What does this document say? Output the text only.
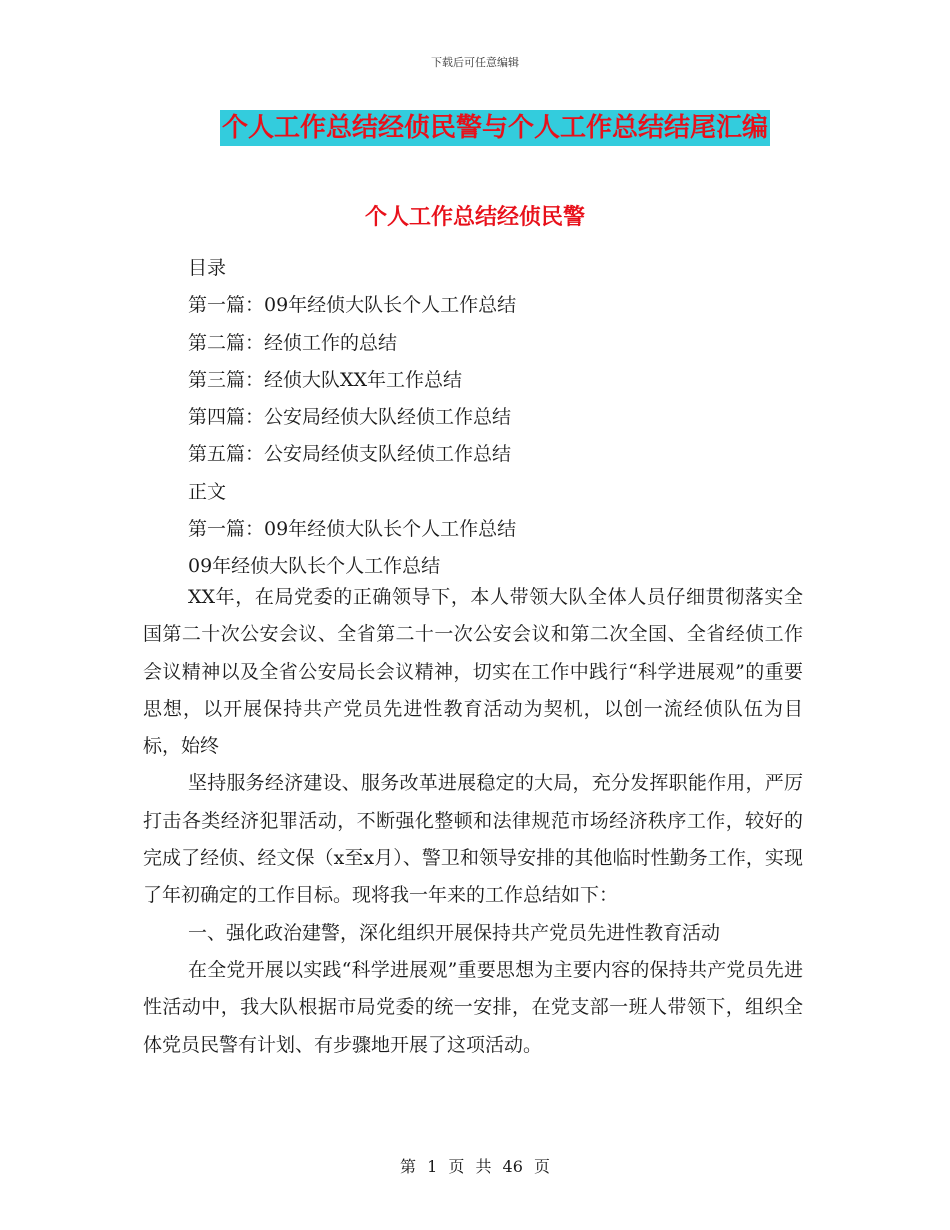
下载后可任意编辑
个人工作总结经侦民警与个人工作总结结尾汇编
个人工作总结经侦民警
目录
第一篇：09年经侦大队长个人工作总结
第二篇：经侦工作的总结
第三篇：经侦大队XX年工作总结
第四篇：公安局经侦大队经侦工作总结
第五篇：公安局经侦支队经侦工作总结
正文
第一篇：09年经侦大队长个人工作总结
09年经侦大队长个人工作总结

XX年，在局党委的正确领导下，本人带领大队全体人员仔细贯彻落实全国第二十次公安会议、全省第二十一次公安会议和第二次全国、全省经侦工作会议精神以及全省公安局长会议精神，切实在工作中践行“科学进展观”的重要思想，以开展保持共产党员先进性教育活动为契机，以创一流经侦队伍为目标，始终

坚持服务经济建设、服务改革进展稳定的大局，充分发挥职能作用，严厉打击各类经济犯罪活动，不断强化整顿和法律规范市场经济秩序工作，较好的完成了经侦、经文保（x至x月）、警卫和领导安排的其他临时性勤务工作，实现了年初确定的工作目标。现将我一年来的工作总结如下：

一、强化政治建警，深化组织开展保持共产党员先进性教育活动

在全党开展以实践“科学进展观”重要思想为主要内容的保持共产党员先进性活动中，我大队根据市局党委的统一安排，在党支部一班人带领下，组织全体党员民警有计划、有步骤地开展了这项活动。

第 1 页 共 46 页
